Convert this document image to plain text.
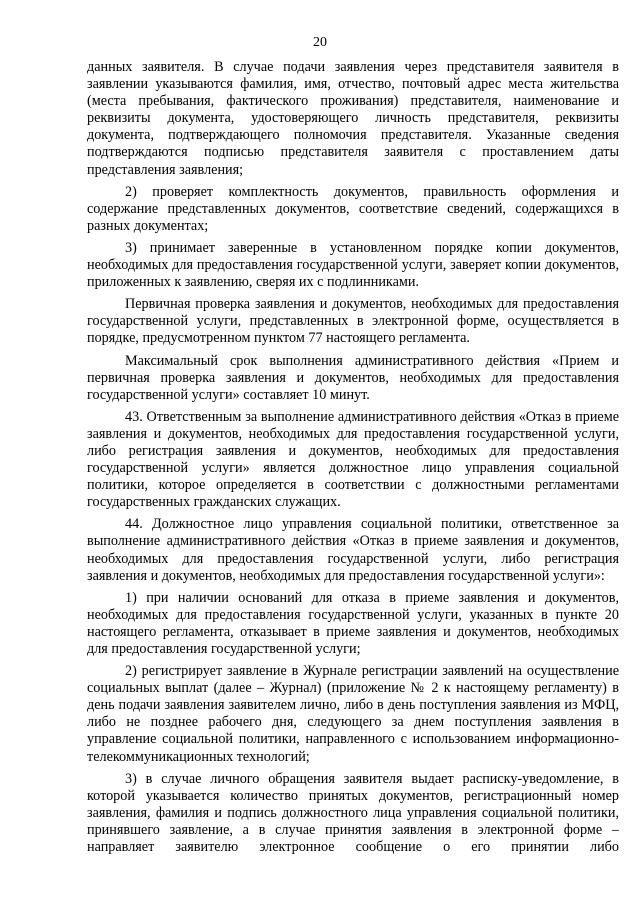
20

данных заявителя. В случае подачи заявления через представителя заявителя в заявлении указываются фамилия, имя, отчество, почтовый адрес места жительства (места пребывания, фактического проживания) представителя, наименование и реквизиты документа, удостоверяющего личность представителя, реквизиты документа, подтверждающего полномочия представителя. Указанные сведения подтверждаются подписью представителя заявителя с проставлением даты представления заявления;

2) проверяет комплектность документов, правильность оформления и содержание представленных документов, соответствие сведений, содержащихся в разных документах;

3) принимает заверенные в установленном порядке копии документов, необходимых для предоставления государственной услуги, заверяет копии документов, приложенных к заявлению, сверяя их с подлинниками.

Первичная проверка заявления и документов, необходимых для предоставления государственной услуги, представленных в электронной форме, осуществляется в порядке, предусмотренном пунктом 77 настоящего регламента.

Максимальный срок выполнения административного действия «Прием и первичная проверка заявления и документов, необходимых для предоставления государственной услуги» составляет 10 минут.

43. Ответственным за выполнение административного действия «Отказ в приеме заявления и документов, необходимых для предоставления государственной услуги, либо регистрация заявления и документов, необходимых для предоставления государственной услуги» является должностное лицо управления социальной политики, которое определяется в соответствии с должностными регламентами государственных гражданских служащих.

44. Должностное лицо управления социальной политики, ответственное за выполнение административного действия «Отказ в приеме заявления и документов, необходимых для предоставления государственной услуги, либо регистрация заявления и документов, необходимых для предоставления государственной услуги»:

1) при наличии оснований для отказа в приеме заявления и документов, необходимых для предоставления государственной услуги, указанных в пункте 20 настоящего регламента, отказывает в приеме заявления и документов, необходимых для предоставления государственной услуги;

2) регистрирует заявление в Журнале регистрации заявлений на осуществление социальных выплат (далее – Журнал) (приложение № 2 к настоящему регламенту) в день подачи заявления заявителем лично, либо в день поступления заявления из МФЦ, либо не позднее рабочего дня, следующего за днем поступления заявления в управление социальной политики, направленного с использованием информационно-телекоммуникационных технологий;

3) в случае личного обращения заявителя выдает расписку-уведомление, в которой указывается количество принятых документов, регистрационный номер заявления, фамилия и подпись должностного лица управления социальной политики, принявшего заявление, а в случае принятия заявления в электронной форме – направляет заявителю электронное сообщение о его принятии либо
